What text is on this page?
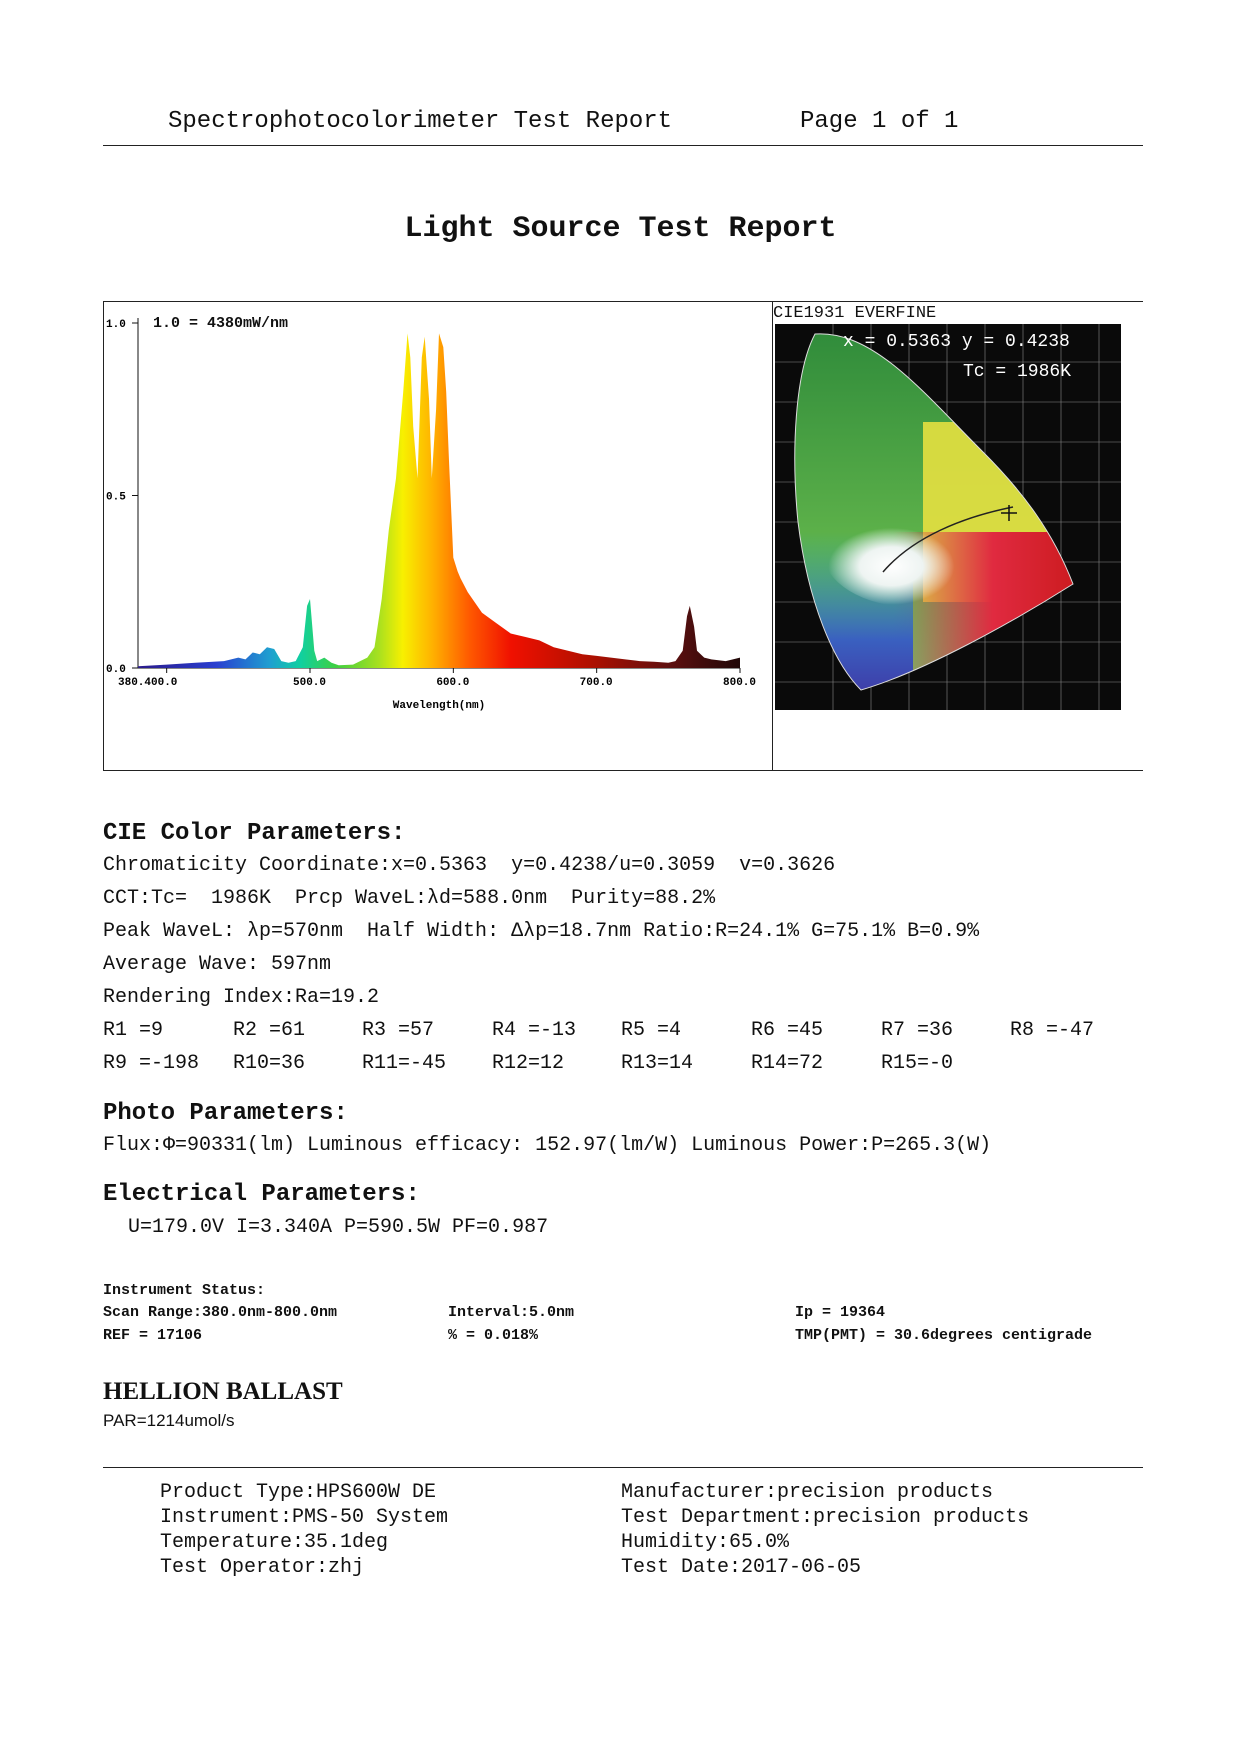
Spectrophotocolorimeter Test Report	Page 1 of 1
Light Source Test Report
1.0
0.5
0.0
380.400.0	500.0	600.0	700.0	800.0
Wavelength(nm)
1.0 = 4380mW/nm
CIE1931 EVERFINE
x = 0.5363 y = 0.4238
Tc = 1986K
CIE Color Parameters:
Chromaticity Coordinate:x=0.5363  y=0.4238/u=0.3059  v=0.3626
CCT:Tc=  1986K  Prcp WaveL:λd=588.0nm  Purity=88.2%
Peak WaveL: λp=570nm  Half Width: Δλp=18.7nm Ratio:R=24.1% G=75.1% B=0.9%
Average Wave: 597nm
Rendering Index:Ra=19.2
R1 =9	R2 =61	R3 =57	R4 =-13 R5 =4	R6 =45	R7 =36	R8 =-47
R9 =-198 R10=36	R11=-45 R12=12	R13=14	R14=72	R15=-0
Photo Parameters:
Flux:Φ=90331(lm) Luminous efficacy: 152.97(lm/W) Luminous Power:P=265.3(W)
Electrical Parameters:
U=179.0V I=3.340A P=590.5W PF=0.987
Instrument Status:
Scan Range:380.0nm-800.0nm	Interval:5.0nm	Ip = 19364
REF = 17106	% = 0.018%	TMP(PMT) = 30.6degrees centigrade
HELLION BALLAST
PAR=1214umol/s
Product Type:HPS600W DE
Instrument:PMS-50 System
Temperature:35.1deg
Test Operator:zhj
Manufacturer:precision products
Test Department:precision products
Humidity:65.0%
Test Date:2017-06-05
